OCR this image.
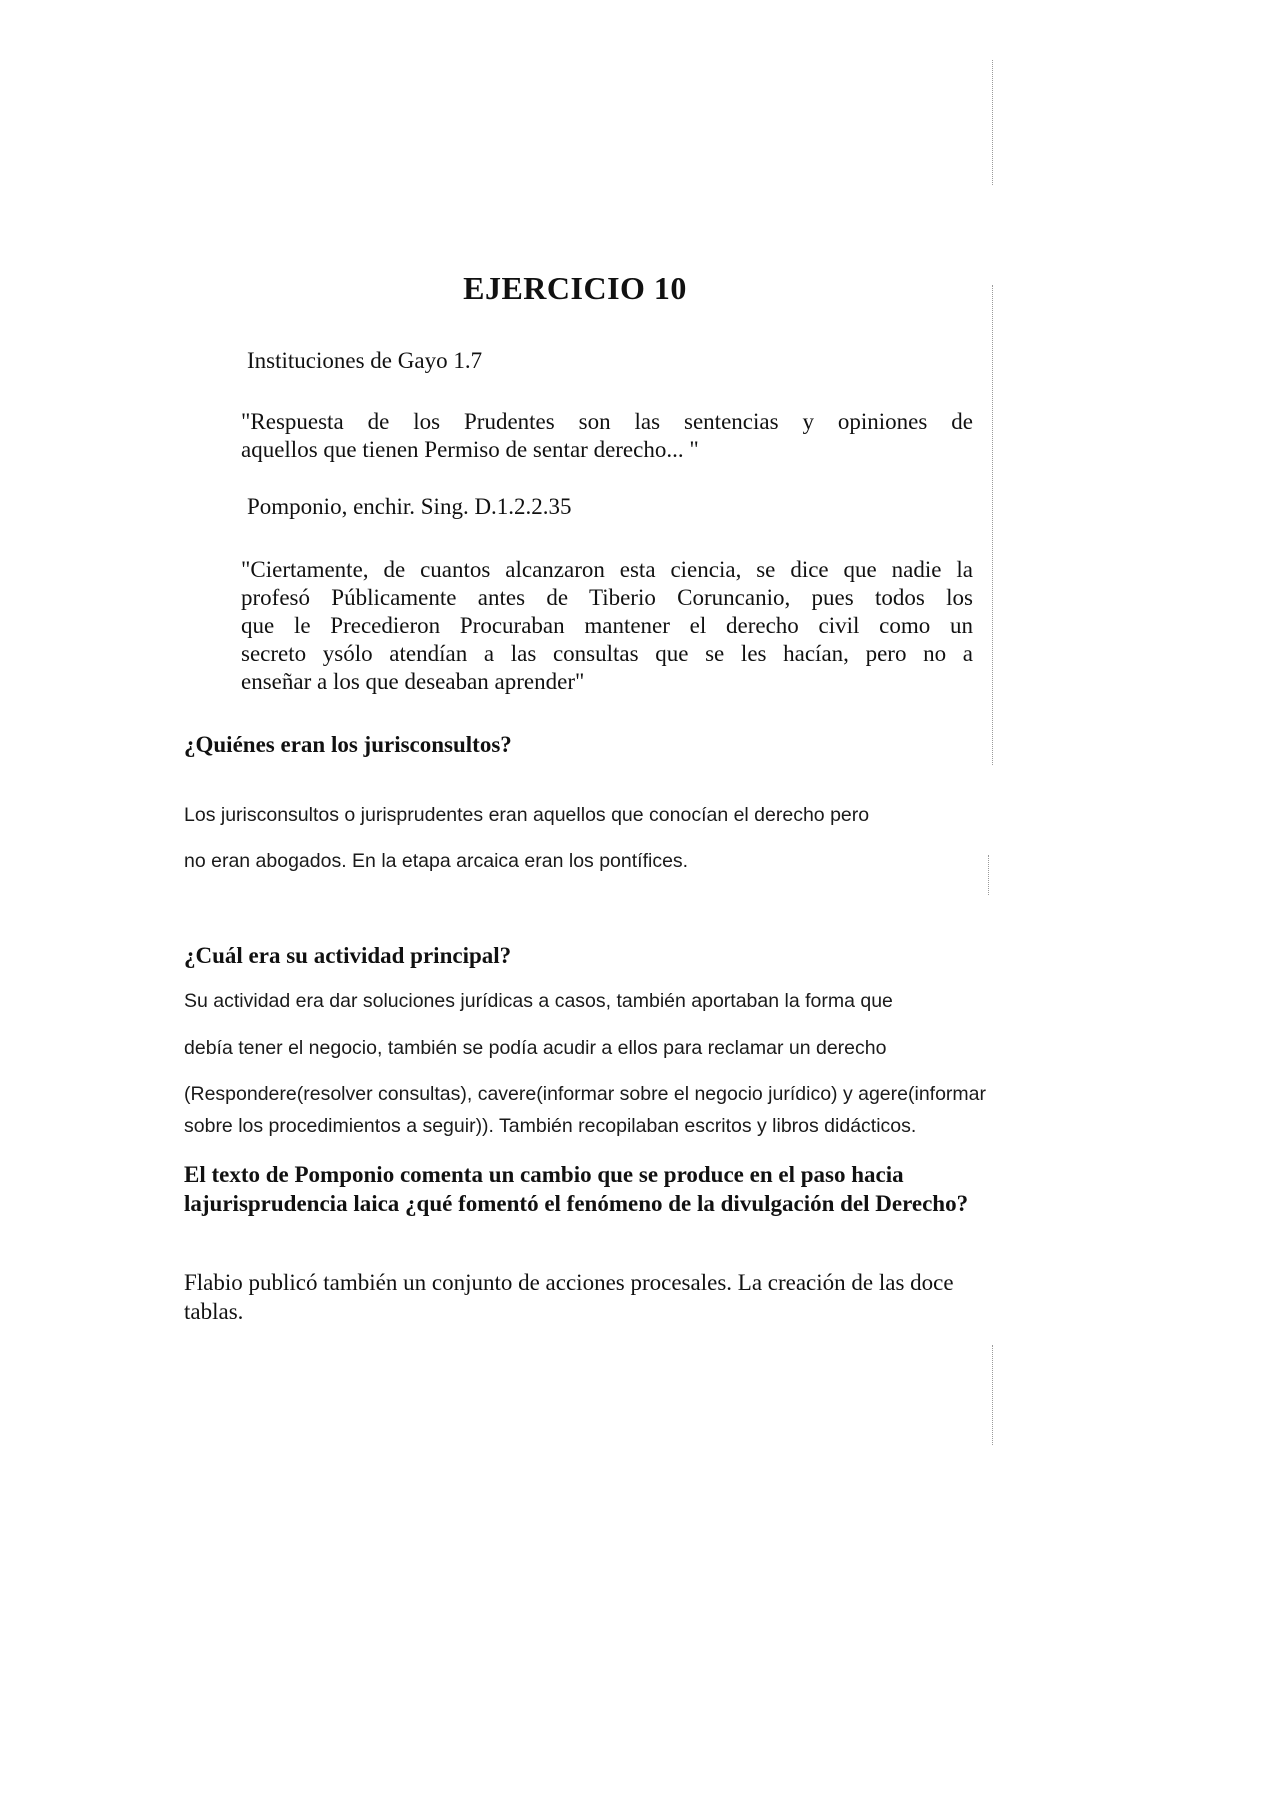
EJERCICIO 10
Instituciones de Gayo 1.7
"Respuesta de los Prudentes son las sentencias y opiniones de
aquellos que tienen Permiso de sentar derecho... "
Pomponio, enchir. Sing. D.1.2.2.35
"Ciertamente, de cuantos alcanzaron esta ciencia, se dice que nadie la
profesó Públicamente antes de Tiberio Coruncanio, pues todos los
que le Precedieron Procuraban mantener el derecho civil como un
secreto ysólo atendían a las consultas que se les hacían, pero no a
enseñar a los que deseaban aprender"
¿Quiénes eran los jurisconsultos?
Los jurisconsultos o jurisprudentes eran aquellos que conocían el derecho pero
no eran abogados. En la etapa arcaica eran los pontífices.
¿Cuál era su actividad principal?
Su actividad era dar soluciones jurídicas a casos, también aportaban la forma que
debía tener el negocio, también se podía acudir a ellos para reclamar un derecho
(Respondere(resolver consultas), cavere(informar sobre el negocio jurídico) y agere(informar
sobre los procedimientos a seguir)). También recopilaban escritos y libros didácticos.
El texto de Pomponio comenta un cambio que se produce en el paso hacia
lajurisprudencia laica ¿qué fomentó el fenómeno de la divulgación del Derecho?
Flabio publicó también un conjunto de acciones procesales. La creación de las doce
tablas.
